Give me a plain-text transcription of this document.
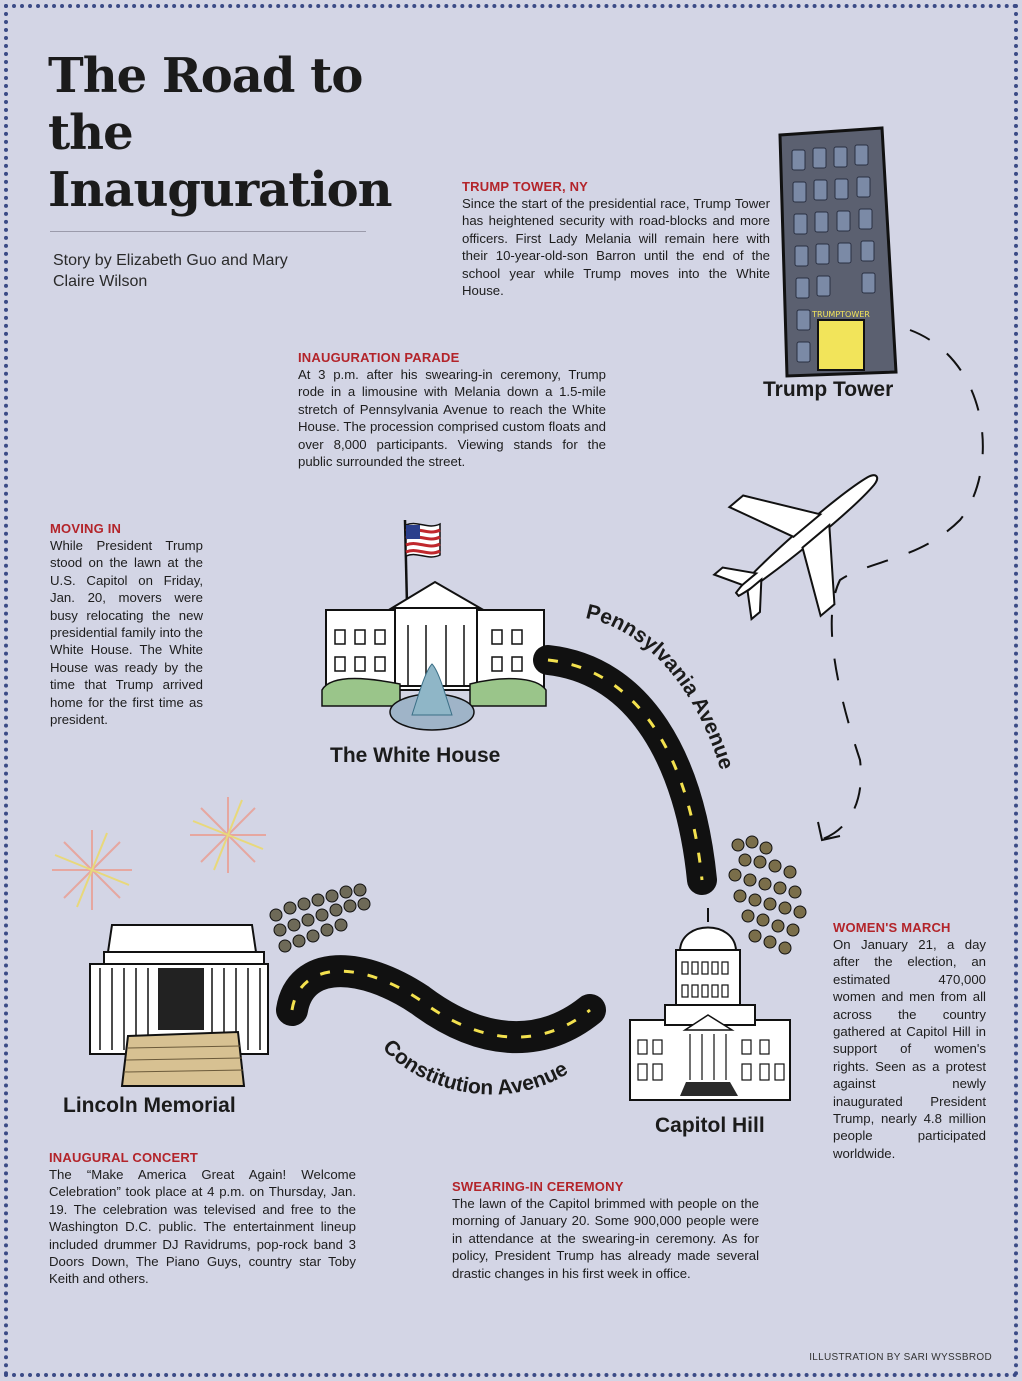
TRUMPTOWER
Pennsylvania Avenue
Constitution Avenue
The Road to the Inauguration
Story by Elizabeth Guo and Mary Claire Wilson
TRUMP TOWER, NY
Since the start of the presidential race, Trump Tower has heightened security with road-blocks and more officers. First Lady Melania will remain here with their 10-year-old-son Barron until the end of the school year while Trump moves into the White House.
INAUGURATION PARADE
At 3 p.m. after his swearing-in ceremony, Trump rode in a limousine with Melania down a 1.5-mile stretch of Pennsylvania Avenue to reach the White House. The procession comprised custom floats and over 8,000 participants. Viewing stands for the public surrounded the street.
MOVING IN
While President Trump stood on the lawn at the U.S. Capitol on Friday, Jan. 20, movers were busy relocating the new presidential family into the White House. The White House was ready by the time that Trump arrived home for the first time as president.
WOMEN'S MARCH
On January 21, a day after the election, an estimated 470,000 women and men from all across the country gathered at Capitol Hill in support of women's rights. Seen as a protest against newly inaugurated President Trump, nearly 4.8 million people participated worldwide.
INAUGURAL CONCERT
The “Make America Great Again! Welcome Celebration” took place at 4 p.m. on Thursday, Jan. 19. The celebration was televised and free to the Washington D.C. public. The entertainment lineup included drummer DJ Ravidrums, pop-rock band 3 Doors Down, The Piano Guys, country star Toby Keith and others.
SWEARING-IN CEREMONY
The lawn of the Capitol brimmed with people on the morning of January 20. Some 900,000 people were in attendance at the swearing-in ceremony. As for policy, President Trump has already made several drastic changes in his first week in office.
Trump Tower
The White House
Lincoln Memorial
Capitol Hill
ILLUSTRATION BY SARI WYSSBROD
